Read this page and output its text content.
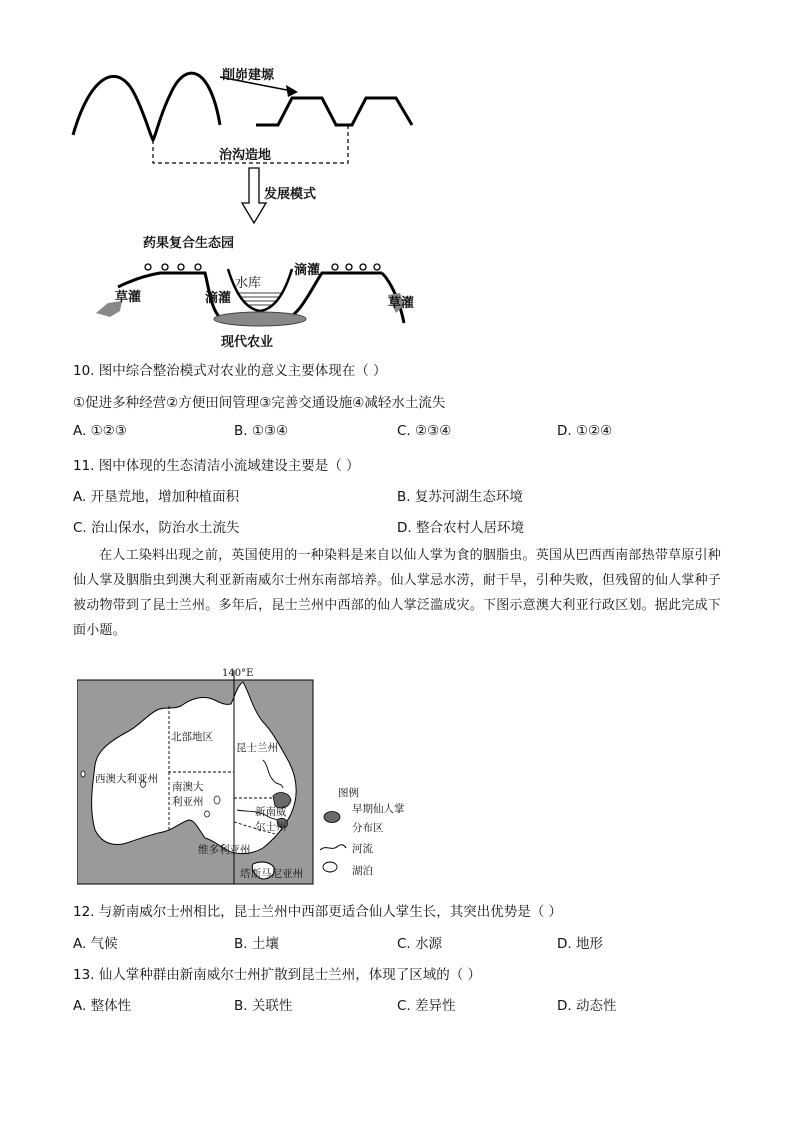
削峁建塬
治沟造地
发展模式
药果复合生态园
滴灌
水库
滴灌
草灌	草灌
现代农业
10. 图中综合整治模式对农业的意义主要体现在（ ）
①促进多种经营②方便田间管理③完善交通设施④减轻水土流失
A. ①②③	B. ①③④	C. ②③④	D. ①②④
11. 图中体现的生态清洁小流域建设主要是（ ）
A. 开垦荒地，增加种植面积	B. 复苏河湖生态环境
C. 治山保水，防治水土流失	D. 整合农村人居环境
在人工染料出现之前，英国使用的一种染料是来自以仙人掌为食的胭脂虫。英国从巴西西南部热带草原引种仙人掌及胭脂虫到澳大利亚新南威尔士州东南部培养。仙人掌忌水涝，耐干旱，引种失败，但残留的仙人掌种子被动物带到了昆士兰州。多年后，昆士兰州中西部的仙人掌泛滥成灾。下图示意澳大利亚行政区划。据此完成下面小题。
140°E
北部地区
昆士兰州
西澳大利亚州
南澳大
利亚州
新南威
尔士州
维多利亚州
塔斯马尼亚州
图例
早期仙人掌
分布区
河流
湖泊
12. 与新南威尔士州相比，昆士兰州中西部更适合仙人掌生长，其突出优势是（ ）
A. 气候	B. 土壤	C. 水源	D. 地形
13. 仙人掌种群由新南威尔士州扩散到昆士兰州，体现了区域的（ ）
A. 整体性	B. 关联性	C. 差异性	D. 动态性
